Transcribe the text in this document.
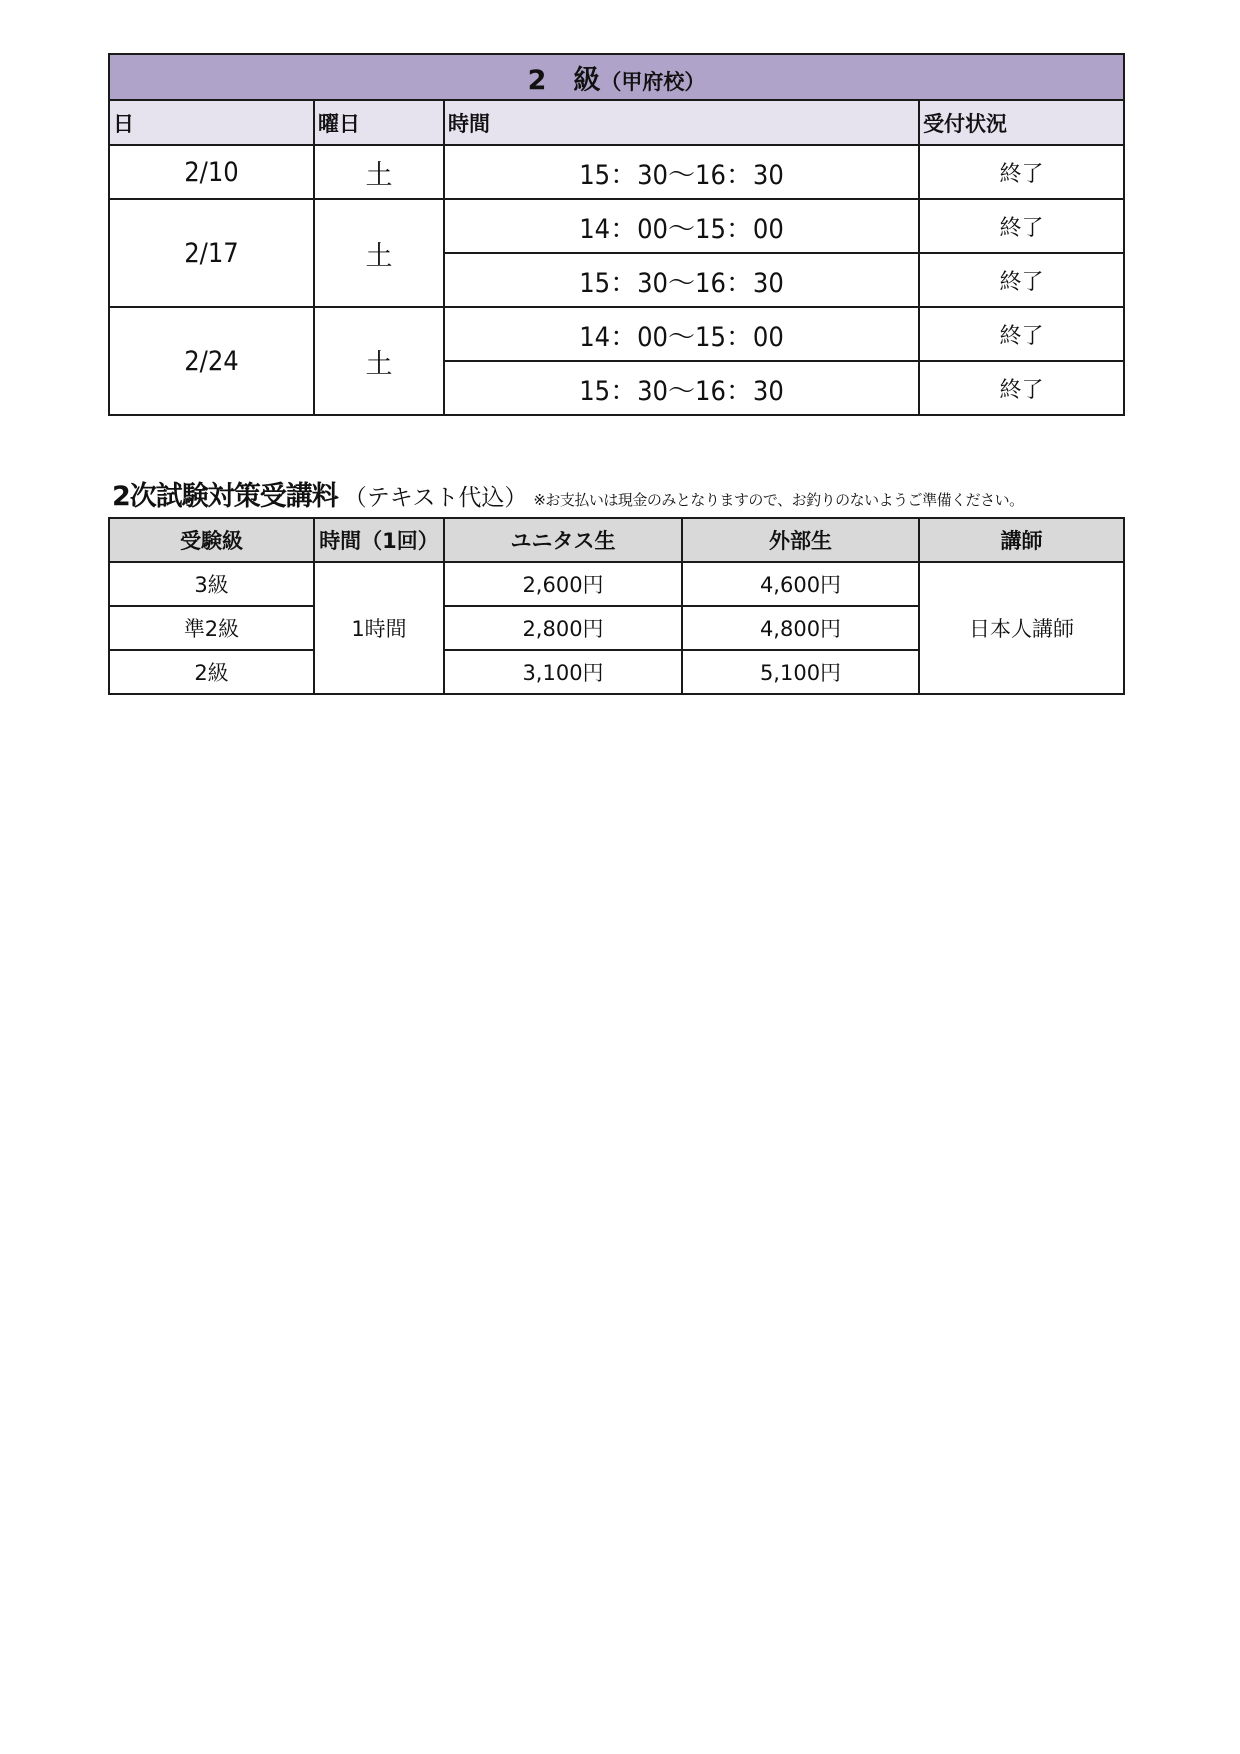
2　級（甲府校）			
日	曜日	時間	受付状況
2/10	土	15：30～16：30	終了
2/17	土	14：00～15：00	終了
		15：30～16：30	終了
2/24	土	14：00～15：00	終了
		15：30～16：30	終了
2次試験対策受講料 （テキスト代込） ※お支払いは現金のみとなりますので、お釣りのないようご準備ください。
受験級	時間（1回）	ユニタス生	外部生	講師
3級	1時間	2,600円	4,600円	日本人講師
準2級		2,800円	4,800円	
2級		3,100円	5,100円	
